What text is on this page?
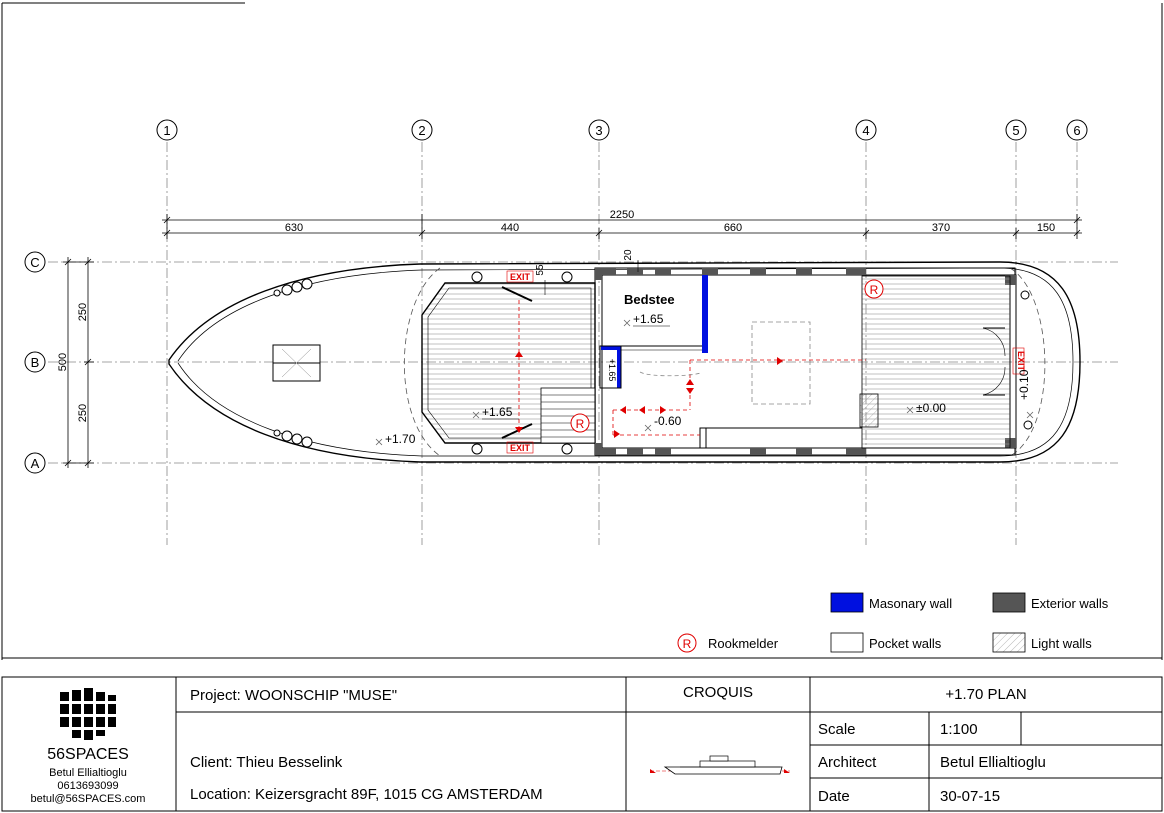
1	2	3	4	5	6
C
B
A
2250
630	440	660	370	150
500
250
250
EXIT
EXIT
EXIT
R
R
Bedstee
+1.65
+1.65
+1.70
-0.60
±0.00
+0.10
+1.65
20
55
Masonary wall	Exterior walls
R Rookmelder	Pocket walls	Light walls
56SPACES
Betul Ellialtioglu
0613693099
betul@56SPACES.com
Project: WOONSCHIP "MUSE"
Client: Thieu Besselink
Location: Keizersgracht 89F, 1015 CG AMSTERDAM
CROQUIS	+1.70 PLAN
Scale	1:100
Architect	Betul Ellialtioglu
Date	30-07-15
